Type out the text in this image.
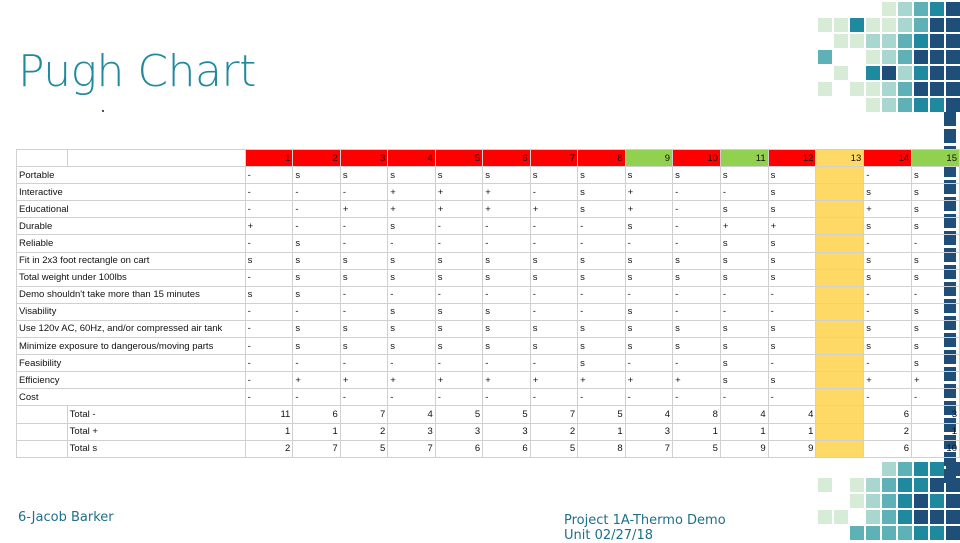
Pugh Chart
		1	2	3	4	5	6	7	8	9	10	11	12	13	14	15
Portable		-	s	s	s	s	s	s	s	s	s	s	s		-	s
Interactive		-	-	-	+	+	+	-	s	+	-	-	s		s	s
Educational		-	-	+	+	+	+	+	s	+	-	s	s		+	s
Durable		+	-	-	s	-	-	-	-	s	-	+	+		s	s
Reliable		-	s	-	-	-	-	-	-	-	-	s	s		-	-
Fit in 2x3 foot rectangle on cart		s	s	s	s	s	s	s	s	s	s	s	s		s	s
Total weight under 100lbs		-	s	s	s	s	s	s	s	s	s	s	s		s	s
Demo shouldn't take more than 15 minutes		s	s	-	-	-	-	-	-	-	-	-	-		-	-
Visability		-	-	-	s	s	s	-	-	s	-	-	-		-	s
Use 120v AC, 60Hz, and/or compressed air tank		-	s	s	s	s	s	s	s	s	s	s	s		s	s
Minimize exposure to dangerous/moving parts		-	s	s	s	s	s	s	s	s	s	s	s		s	s
Feasibility		-	-	-	-	-	-	-	s	-	-	s	-		-	s
Efficiency		-	+	+	+	+	+	+	+	+	+	s	s		+	+
Cost		-	-	-	-	-	-	-	-	-	-	-	-		-	-
	Total -	11	6	7	4	5	5	7	5	4	8	4	4		6	3
	Total +	1	1	2	3	3	3	2	1	3	1	1	1		2	1
	Total s	2	7	5	7	6	6	5	8	7	5	9	9		6	10
6-Jacob Barker	Project 1A-Thermo Demo
Unit 02/27/18
